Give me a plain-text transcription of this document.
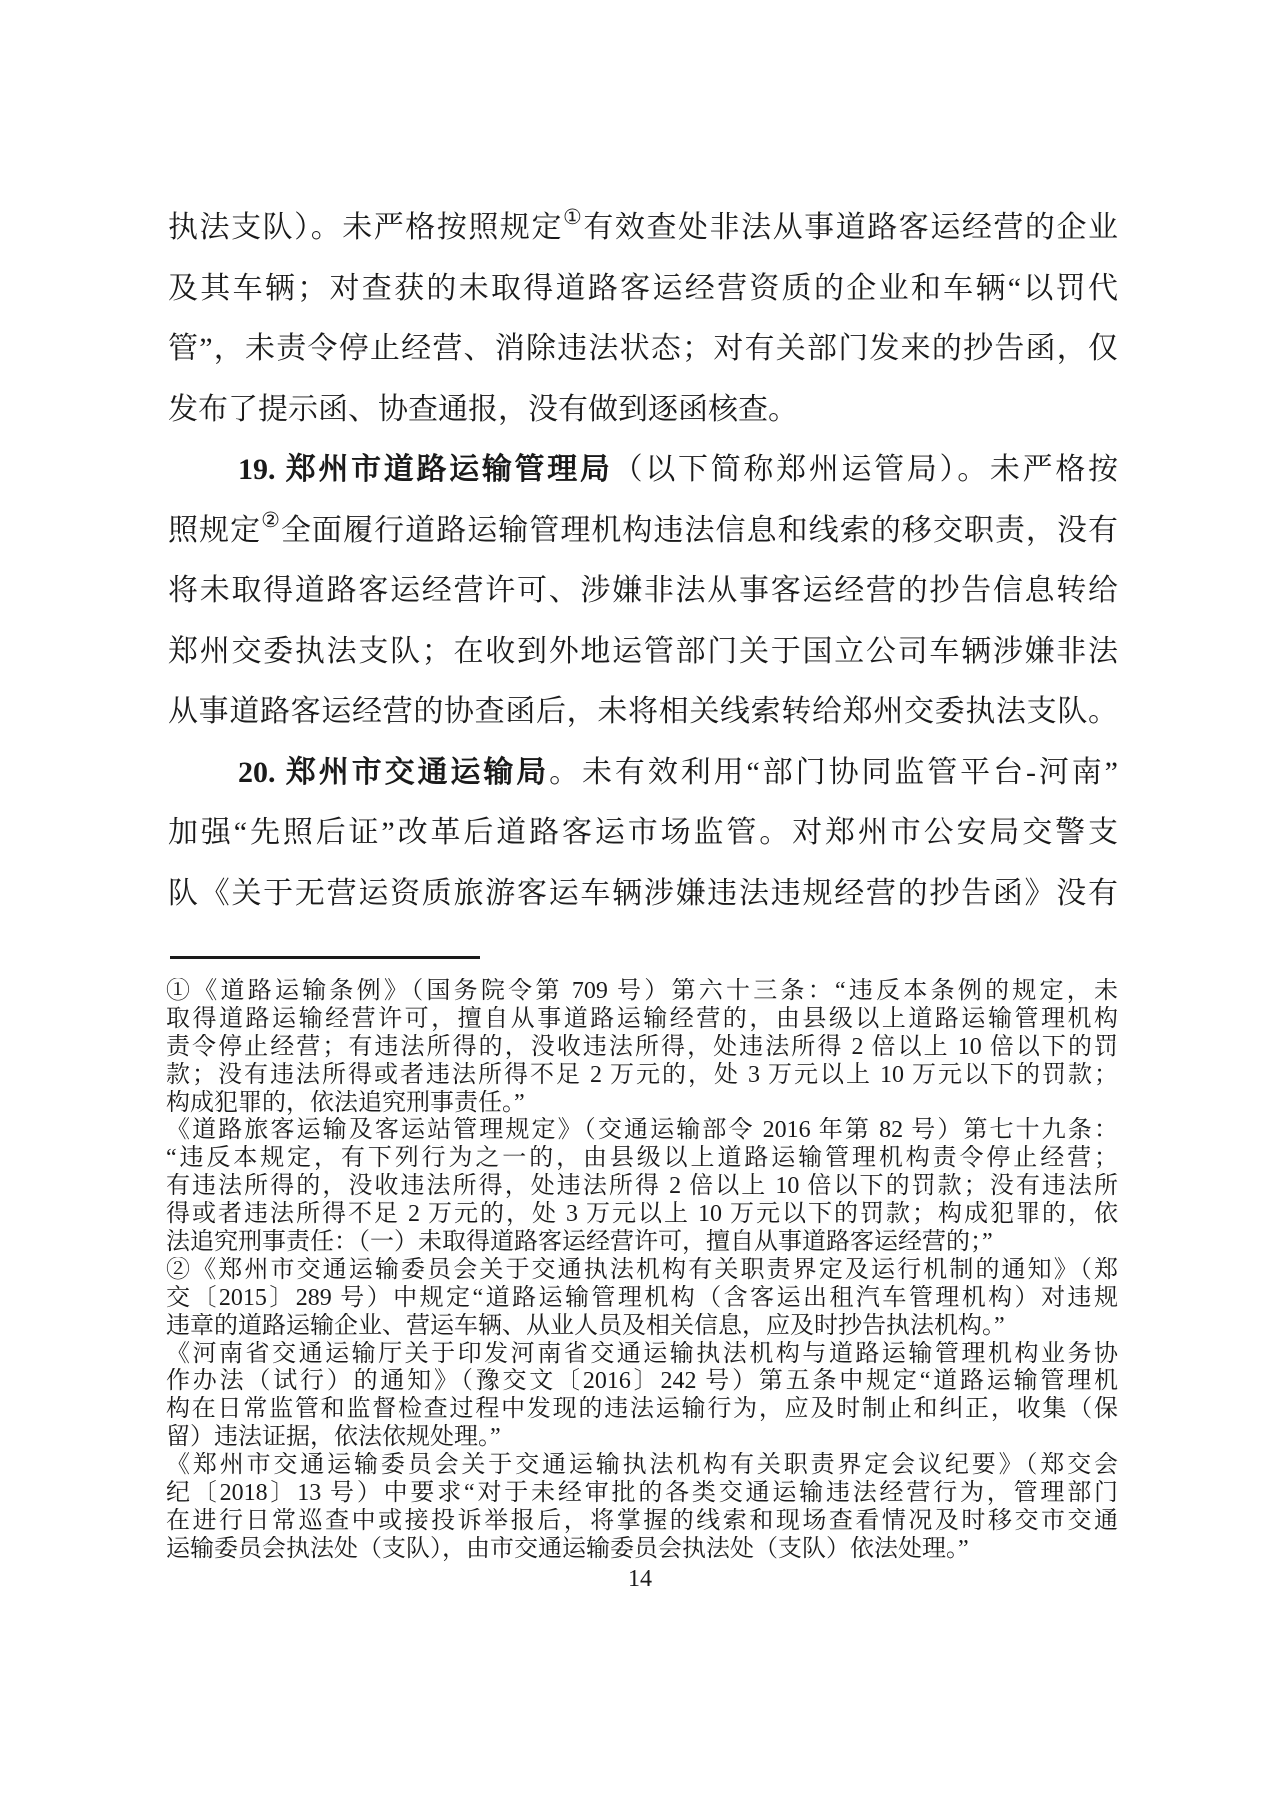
执法支队）。未严格按照规定①有效查处非法从事道路客运经营的企业
及其车辆；对查获的未取得道路客运经营资质的企业和车辆“以罚代
管”，未责令停止经营、消除违法状态；对有关部门发来的抄告函，仅
发布了提示函、协查通报，没有做到逐函核查。
19. 郑州市道路运输管理局（以下简称郑州运管局）。未严格按
照规定②全面履行道路运输管理机构违法信息和线索的移交职责，没有
将未取得道路客运经营许可、涉嫌非法从事客运经营的抄告信息转给
郑州交委执法支队；在收到外地运管部门关于国立公司车辆涉嫌非法
从事道路客运经营的协查函后，未将相关线索转给郑州交委执法支队。
20. 郑州市交通运输局。未有效利用“部门协同监管平台-河南”
加强“先照后证”改革后道路客运市场监管。对郑州市公安局交警支
队《关于无营运资质旅游客运车辆涉嫌违法违规经营的抄告函》没有
①《道路运输条例》（国务院令第 709 号）第六十三条：“违反本条例的规定，未
取得道路运输经营许可，擅自从事道路运输经营的，由县级以上道路运输管理机构
责令停止经营；有违法所得的，没收违法所得，处违法所得 2 倍以上 10 倍以下的罚
款；没有违法所得或者违法所得不足 2 万元的，处 3 万元以上 10 万元以下的罚款；
构成犯罪的，依法追究刑事责任。”
《道路旅客运输及客运站管理规定》（交通运输部令 2016 年第 82 号）第七十九条：
“违反本规定，有下列行为之一的，由县级以上道路运输管理机构责令停止经营；
有违法所得的，没收违法所得，处违法所得 2 倍以上 10 倍以下的罚款；没有违法所
得或者违法所得不足 2 万元的，处 3 万元以上 10 万元以下的罚款；构成犯罪的，依
法追究刑事责任：（一）未取得道路客运经营许可，擅自从事道路客运经营的；”
②《郑州市交通运输委员会关于交通执法机构有关职责界定及运行机制的通知》（郑
交〔2015〕289 号）中规定“道路运输管理机构（含客运出租汽车管理机构）对违规
违章的道路运输企业、营运车辆、从业人员及相关信息，应及时抄告执法机构。”
《河南省交通运输厅关于印发河南省交通运输执法机构与道路运输管理机构业务协
作办法（试行）的通知》（豫交文〔2016〕242 号）第五条中规定“道路运输管理机
构在日常监管和监督检查过程中发现的违法运输行为，应及时制止和纠正，收集（保
留）违法证据，依法依规处理。”
《郑州市交通运输委员会关于交通运输执法机构有关职责界定会议纪要》（郑交会
纪〔2018〕13 号）中要求“对于未经审批的各类交通运输违法经营行为，管理部门
在进行日常巡查中或接投诉举报后，将掌握的线索和现场查看情况及时移交市交通
运输委员会执法处（支队），由市交通运输委员会执法处（支队）依法处理。”
14
